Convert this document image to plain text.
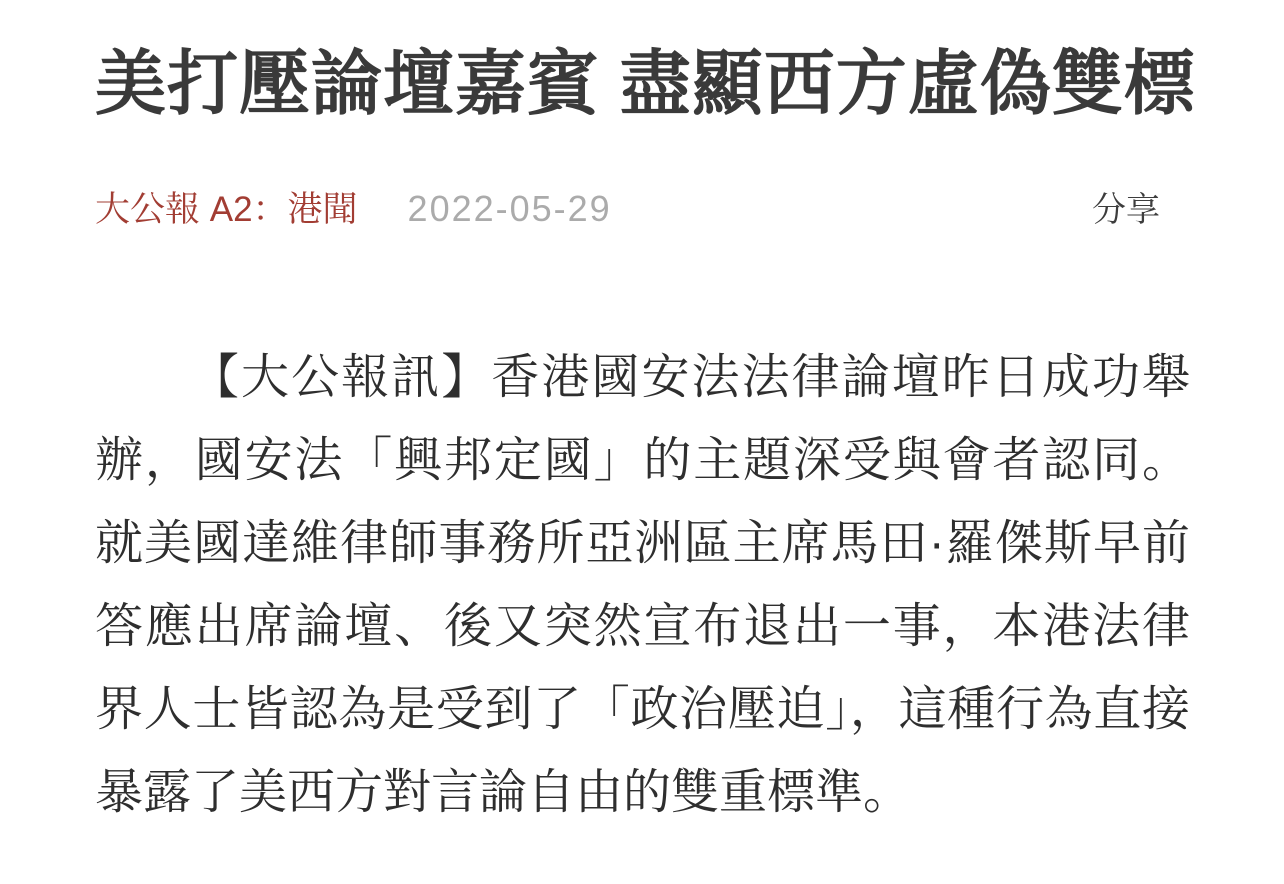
美打壓論壇嘉賓 盡顯西方虛偽雙標
大公報 A2：港聞 2022-05-29	分享

【大公報訊】香港國安法法律論壇昨日成功舉辦，國安法「興邦定國」的主題深受與會者認同。就美國達維律師事務所亞洲區主席馬田·羅傑斯早前答應出席論壇、後又突然宣布退出一事，本港法律界人士皆認為是受到了「政治壓迫」，這種行為直接暴露了美西方對言論自由的雙重標準。
